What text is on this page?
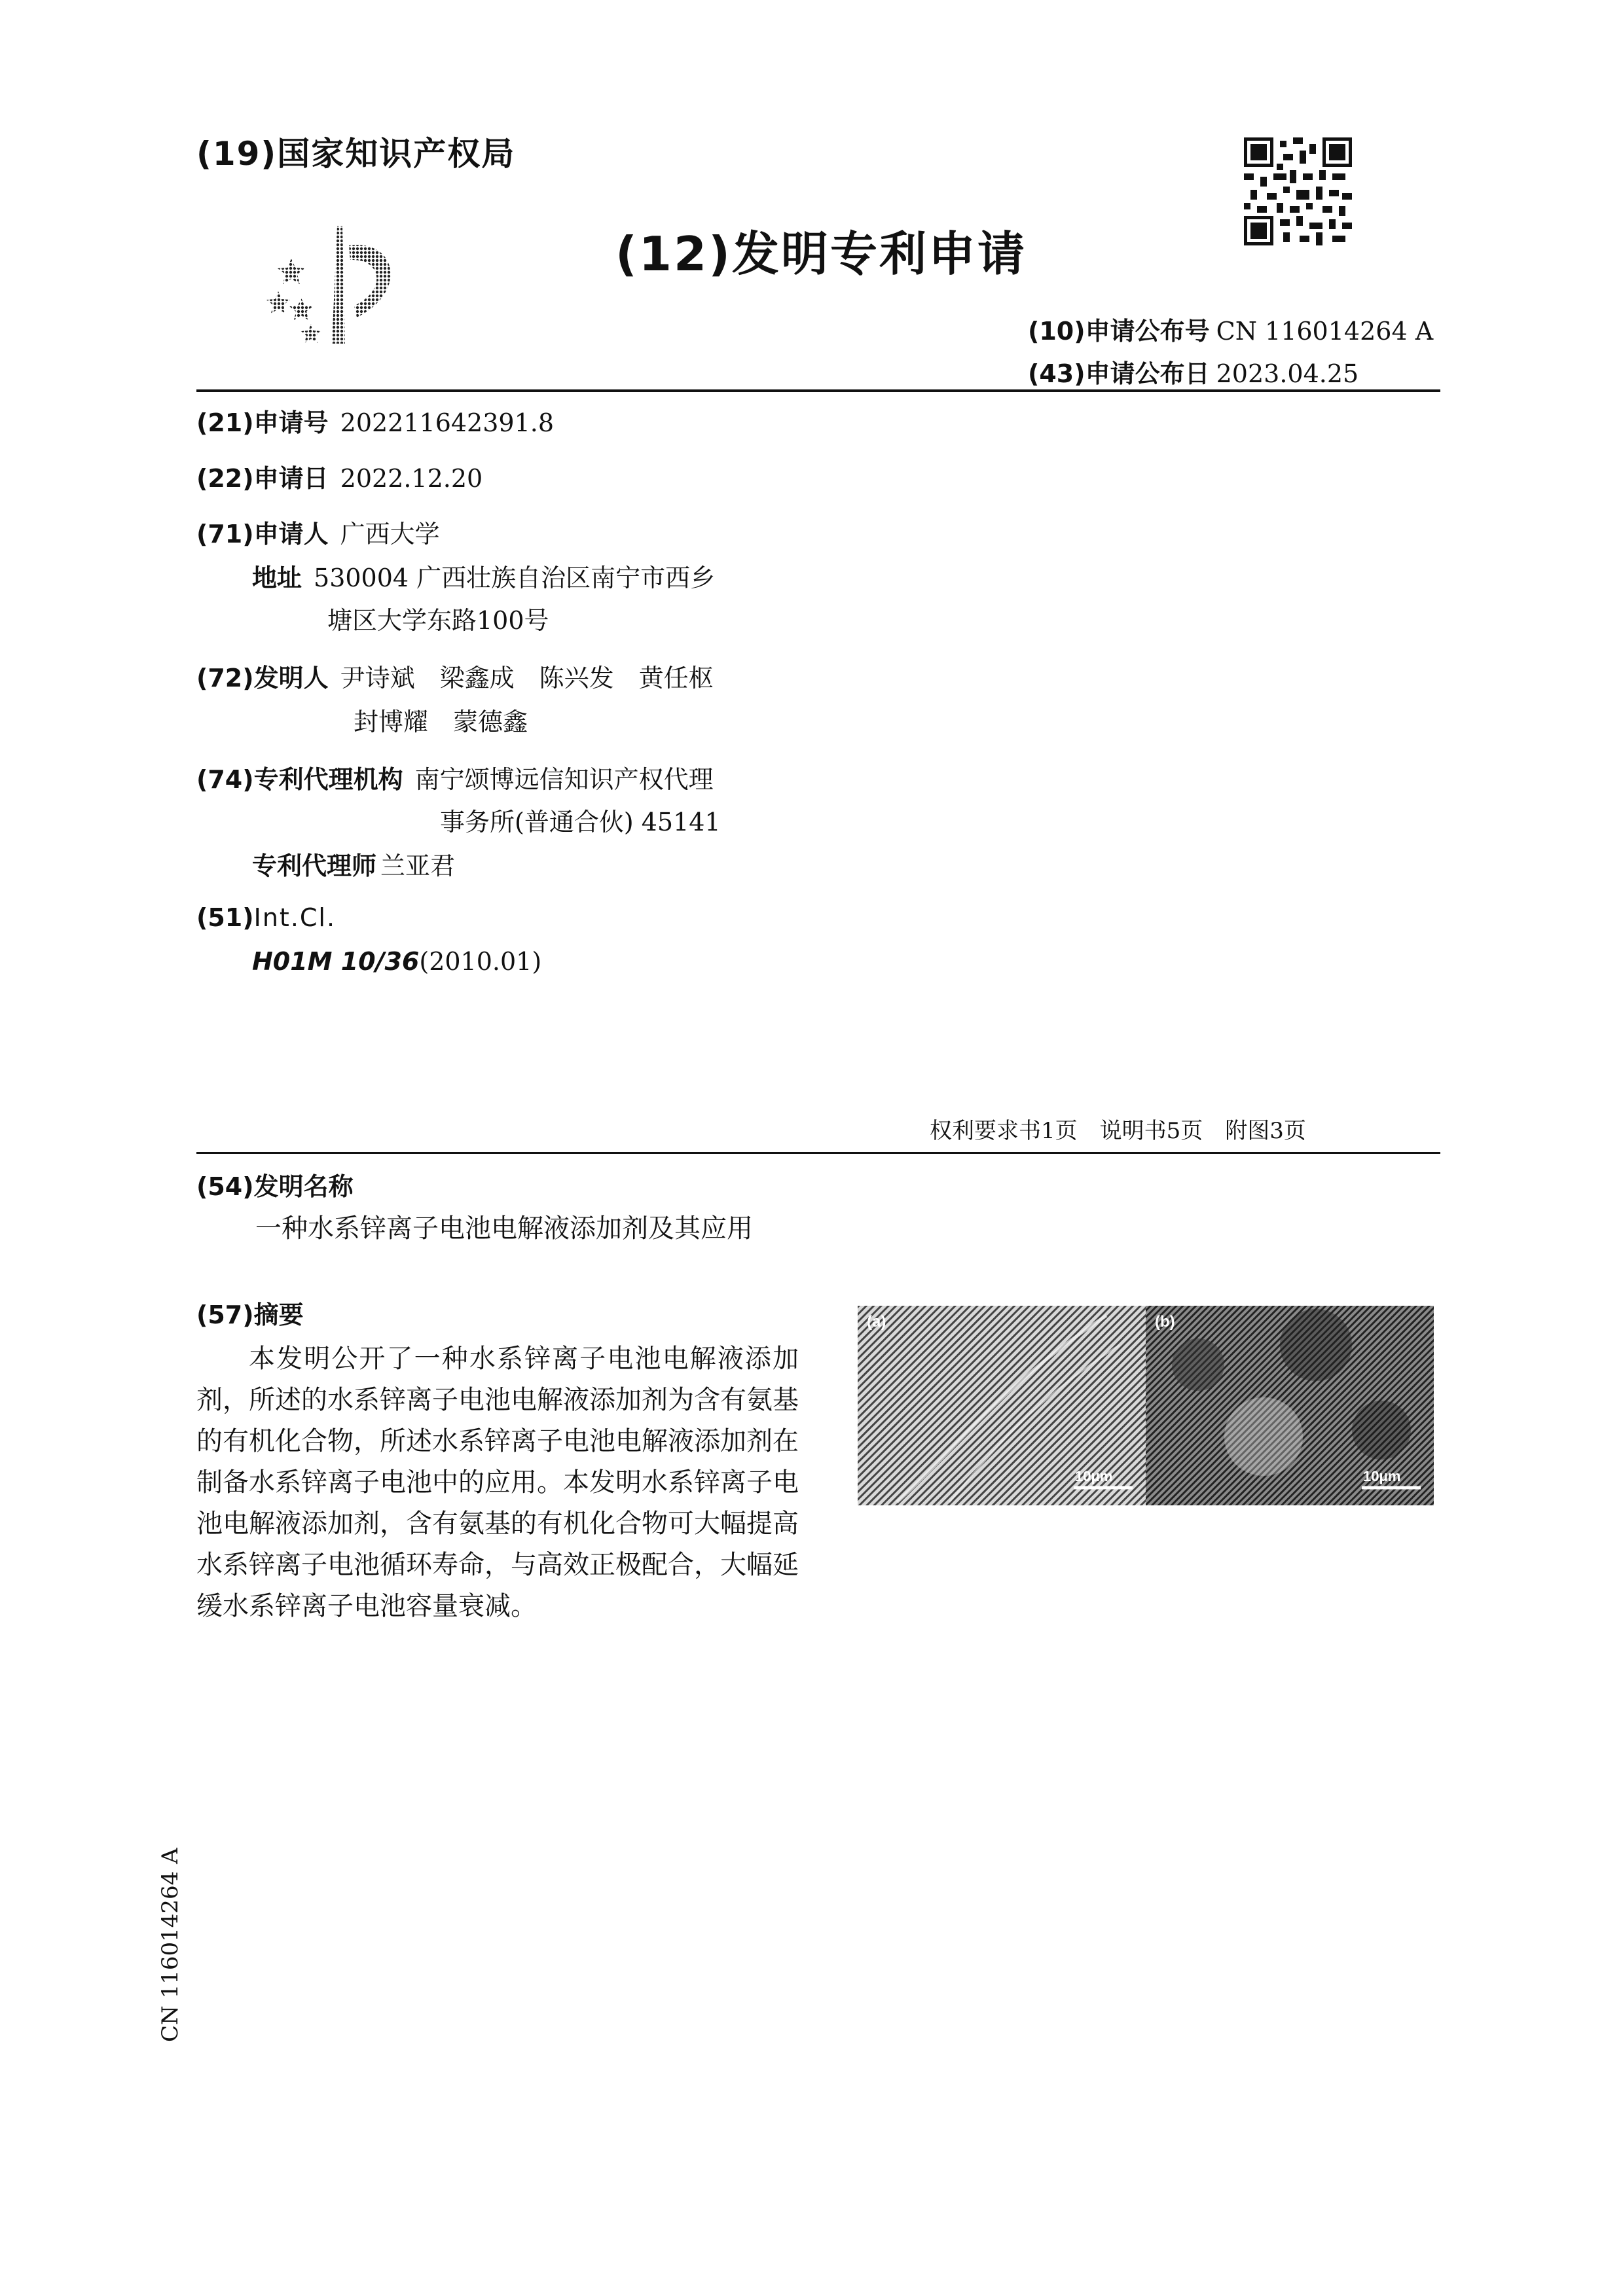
(19)国家知识产权局
(12)发明专利申请
(10)申请公布号 CN 116014264 A
(43)申请公布日 2023.04.25
(21)申请号 202211642391.8
(22)申请日 2022.12.20
(71)申请人 广西大学
地址 530004 广西壮族自治区南宁市西乡
塘区大学东路100号
(72)发明人 尹诗斌　梁鑫成　陈兴发　黄任枢
封博耀　蒙德鑫
(74)专利代理机构 南宁颂博远信知识产权代理
事务所(普通合伙) 45141
专利代理师 兰亚君
(51)Int.Cl.
H01M 10/36(2010.01)
权利要求书1页　说明书5页　附图3页
(54)发明名称
一种水系锌离子电池电解液添加剂及其应用
(57)摘要
本发明公开了一种水系锌离子电池电解液添加剂，所述的水系锌离子电池电解液添加剂为含有氨基的有机化合物，所述水系锌离子电池电解液添加剂在制备水系锌离子电池中的应用。本发明水系锌离子电池电解液添加剂，含有氨基的有机化合物可大幅提高水系锌离子电池循环寿命，与高效正极配合，大幅延缓水系锌离子电池容量衰减。
(a)	(b)
10μm	10μm
CN 116014264 A
